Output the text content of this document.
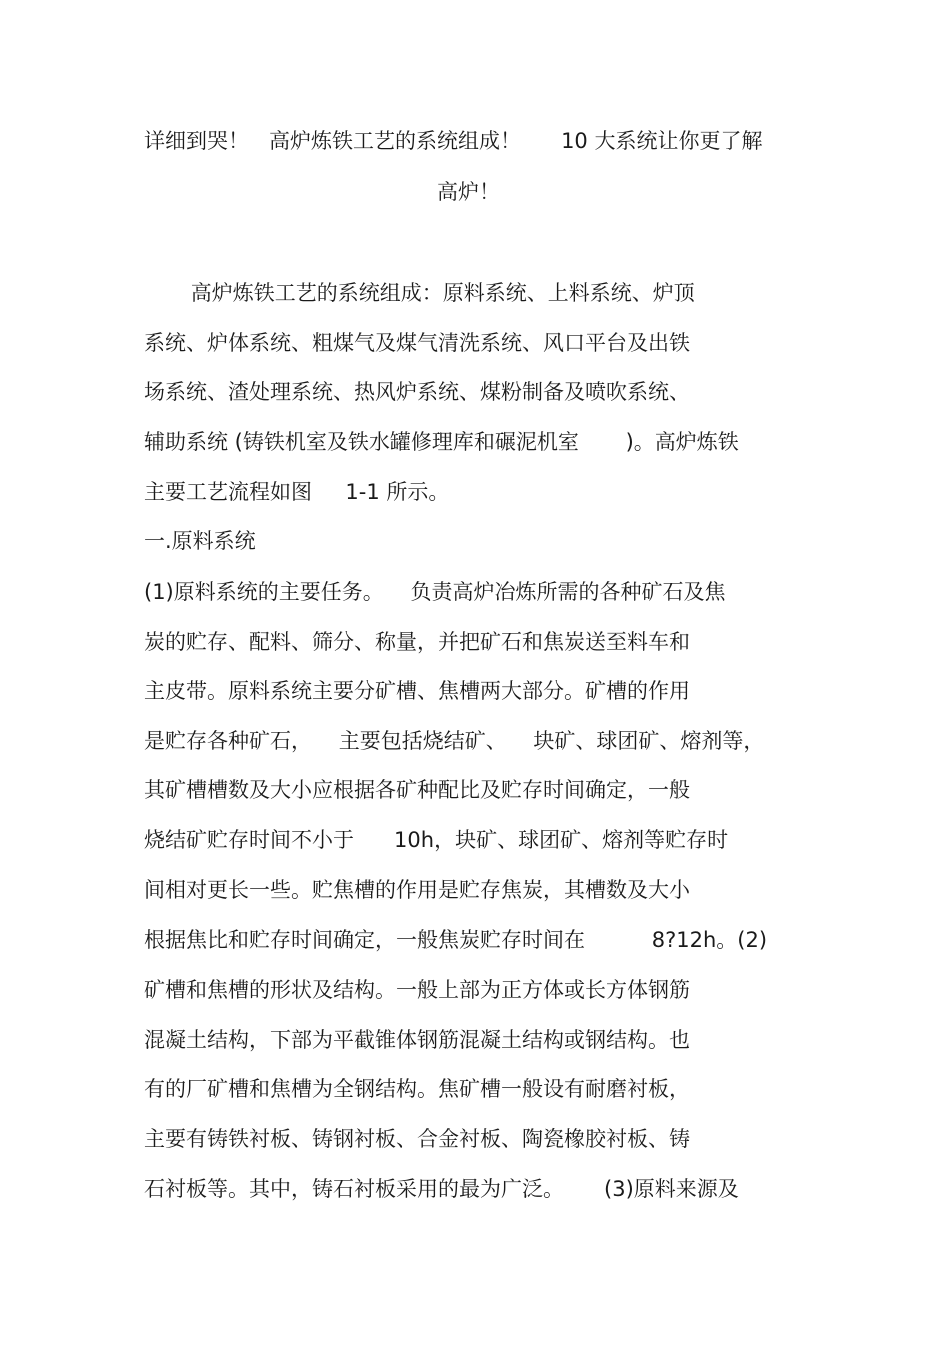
详细到哭！   高炉炼铁工艺的系统组成！      10 大系统让你更了解
高炉！
高炉炼铁工艺的系统组成：原料系统、上料系统、炉顶
系统、炉体系统、粗煤气及煤气清洗系统、风口平台及出铁
场系统、渣处理系统、热风炉系统、煤粉制备及喷吹系统、
辅助系统 (铸铁机室及铁水罐修理库和碾泥机室       )。高炉炼铁
主要工艺流程如图     1-1 所示。
一.原料系统
(1)原料系统的主要任务。    负责高炉冶炼所需的各种矿石及焦
炭的贮存、配料、筛分、称量，并把矿石和焦炭送至料车和
主皮带。原料系统主要分矿槽、焦槽两大部分。矿槽的作用
是贮存各种矿石，    主要包括烧结矿、    块矿、球团矿、熔剂等，
其矿槽槽数及大小应根据各矿种配比及贮存时间确定，一般
烧结矿贮存时间不小于      10h，块矿、球团矿、熔剂等贮存时
间相对更长一些。贮焦槽的作用是贮存焦炭，其槽数及大小
根据焦比和贮存时间确定，一般焦炭贮存时间在          8?12h。(2)
矿槽和焦槽的形状及结构。一般上部为正方体或长方体钢筋
混凝土结构，下部为平截锥体钢筋混凝土结构或钢结构。也
有的厂矿槽和焦槽为全钢结构。焦矿槽一般设有耐磨衬板，
主要有铸铁衬板、铸钢衬板、合金衬板、陶瓷橡胶衬板、铸
石衬板等。其中，铸石衬板采用的最为广泛。      (3)原料来源及
